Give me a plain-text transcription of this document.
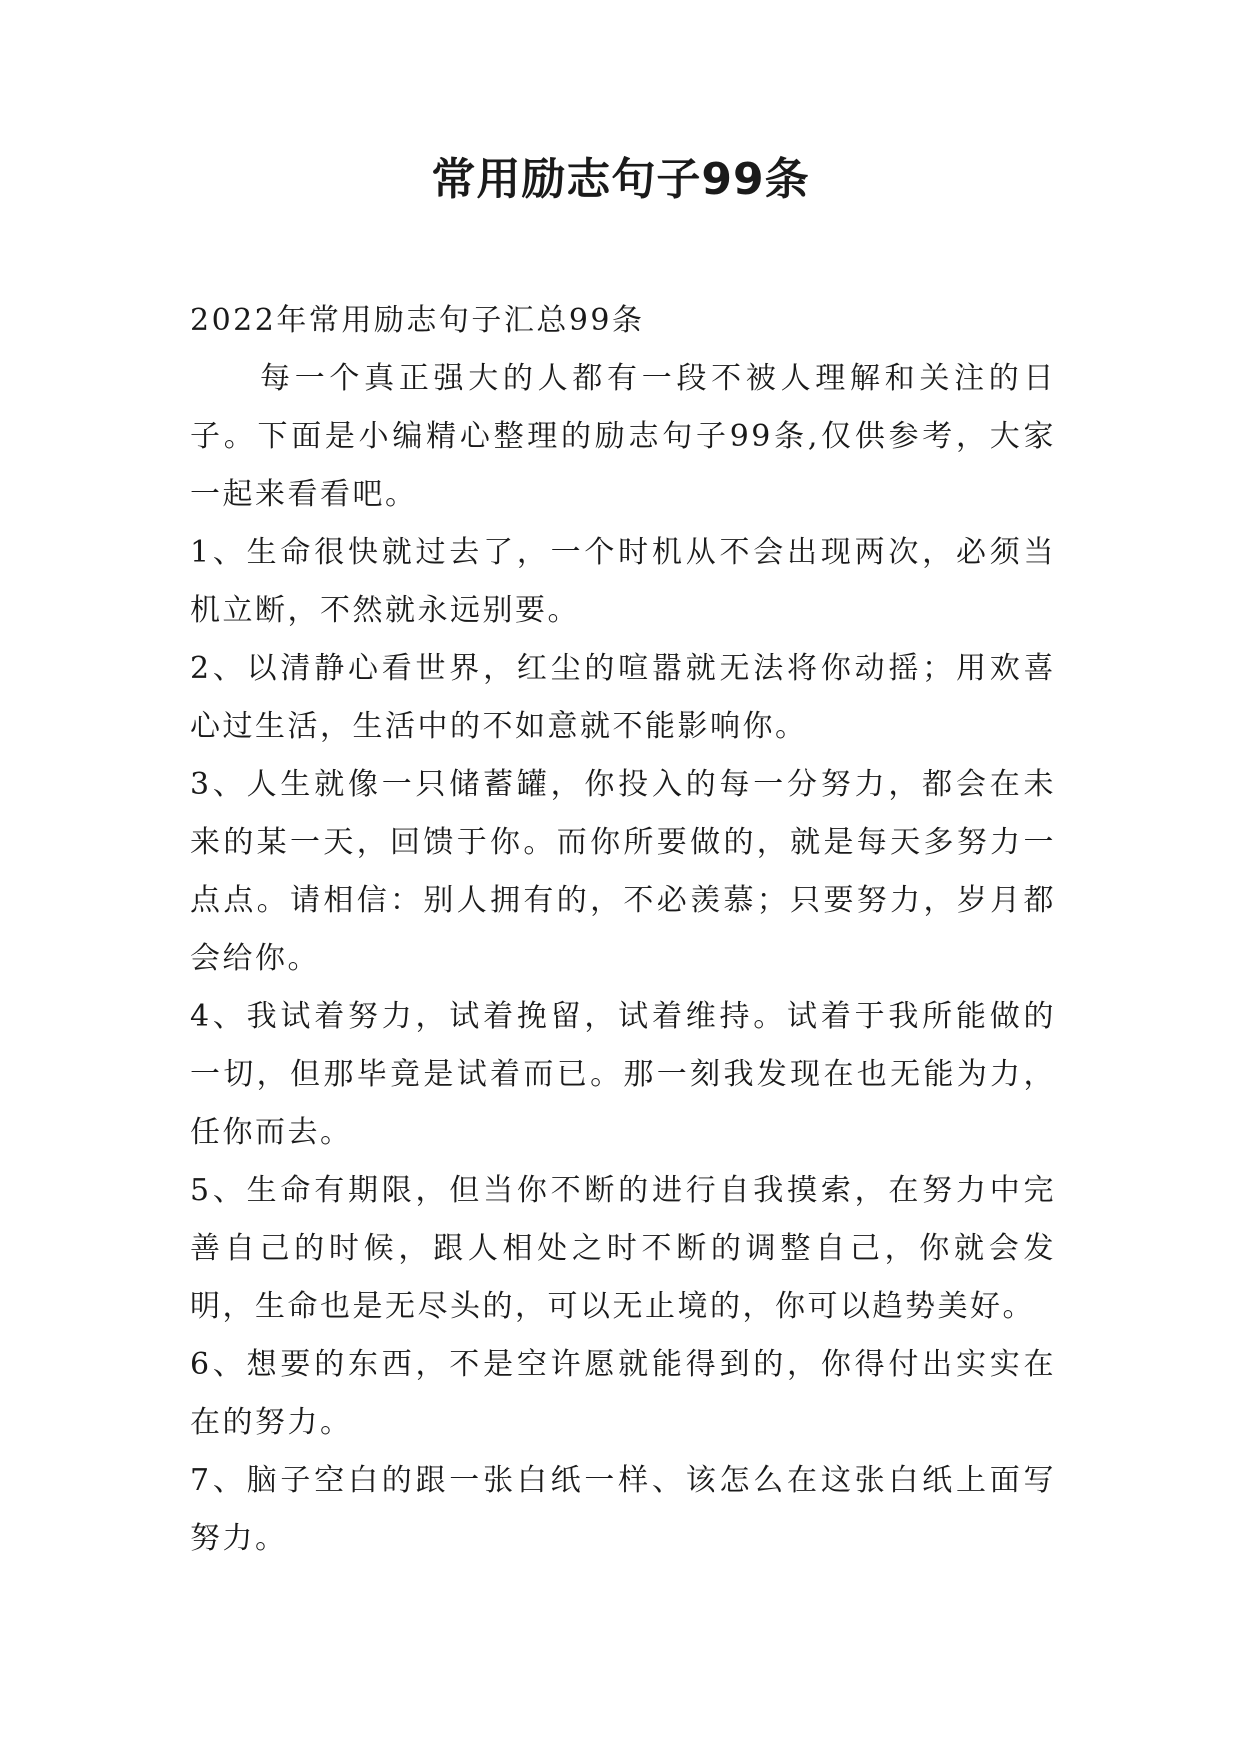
常用励志句子99条

2022年常用励志句子汇总99条

每一个真正强大的人都有一段不被人理解和关注的日子。下面是小编精心整理的励志句子99条,仅供参考，大家一起来看看吧。

1、生命很快就过去了，一个时机从不会出现两次，必须当机立断，不然就永远别要。

2、以清静心看世界，红尘的喧嚣就无法将你动摇；用欢喜心过生活，生活中的不如意就不能影响你。

3、人生就像一只储蓄罐，你投入的每一分努力，都会在未来的某一天，回馈于你。而你所要做的，就是每天多努力一点点。请相信：别人拥有的，不必羡慕；只要努力，岁月都会给你。

4、我试着努力，试着挽留，试着维持。试着于我所能做的一切，但那毕竟是试着而已。那一刻我发现在也无能为力，任你而去。

5、生命有期限，但当你不断的进行自我摸索，在努力中完善自己的时候，跟人相处之时不断的调整自己，你就会发明，生命也是无尽头的，可以无止境的，你可以趋势美好。

6、想要的东西，不是空许愿就能得到的，你得付出实实在在的努力。

7、脑子空白的跟一张白纸一样、该怎么在这张白纸上面写努力。
